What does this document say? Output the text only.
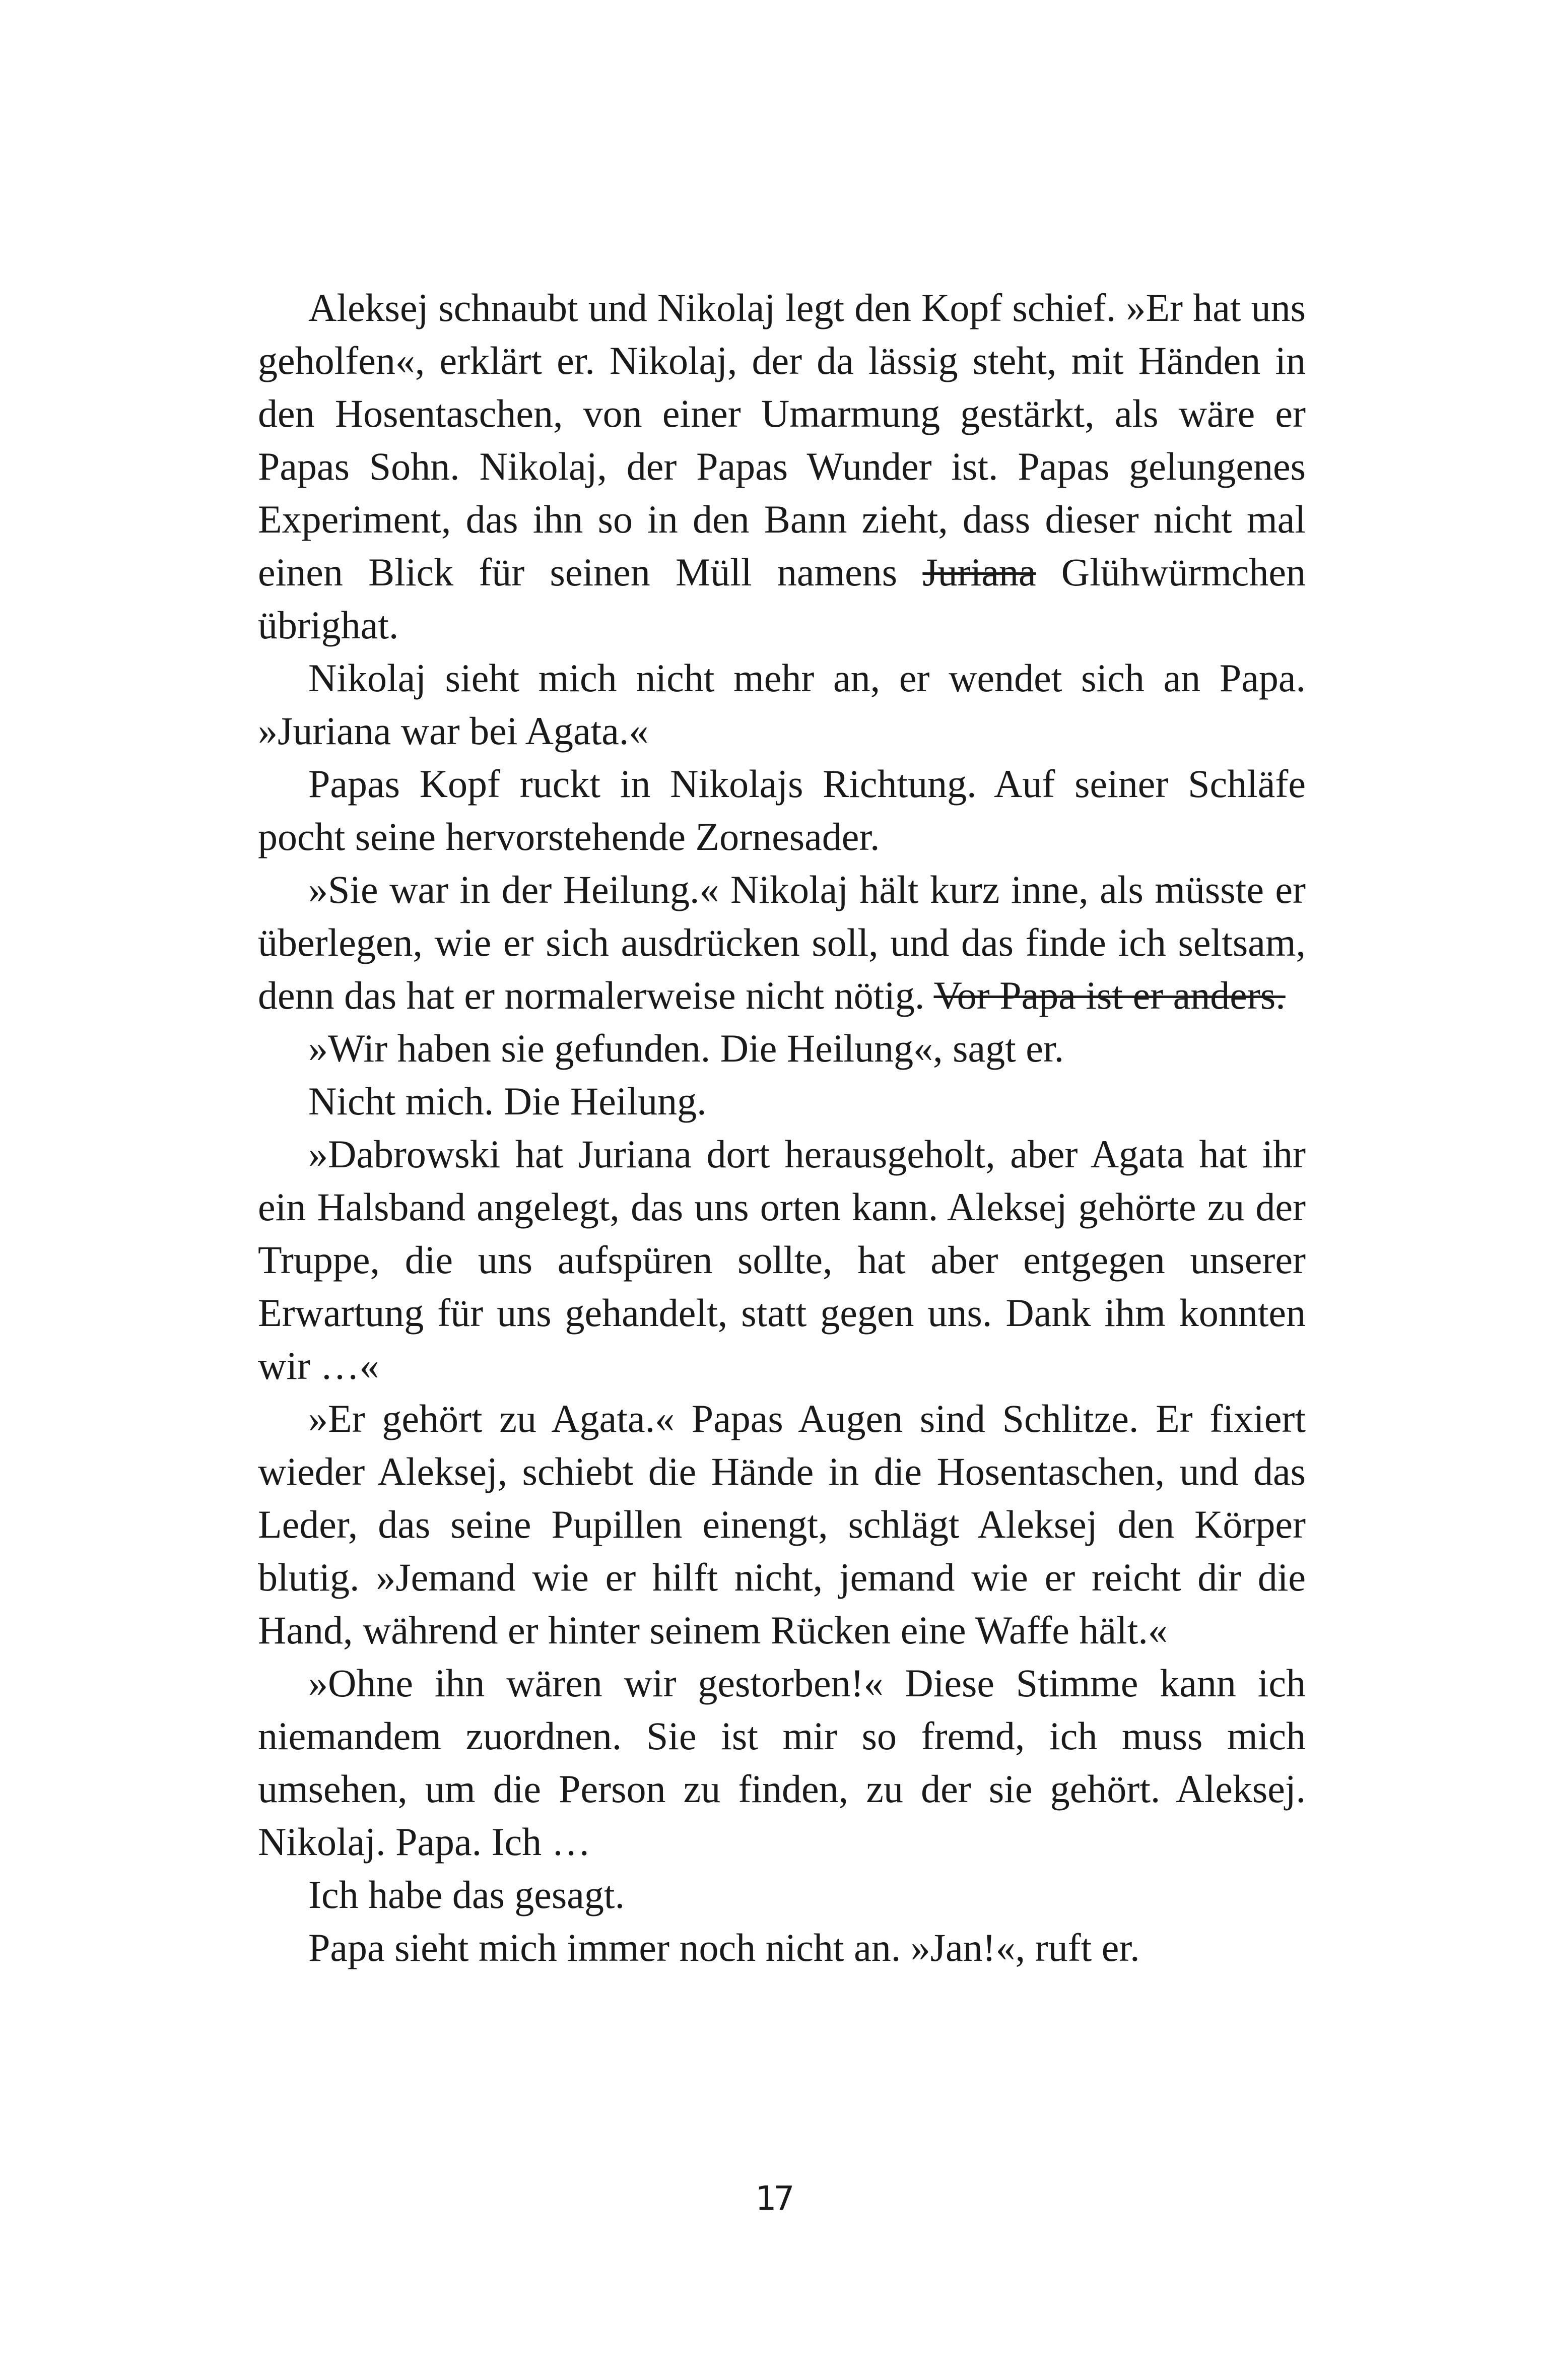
Aleksej schnaubt und Nikolaj legt den Kopf schief. »Er hat uns geholfen«, erklärt er. Nikolaj, der da lässig steht, mit Händen in den Hosentaschen, von einer Umarmung gestärkt, als wäre er Papas Sohn. Nikolaj, der Papas Wunder ist. Papas gelungenes Experiment, das ihn so in den Bann zieht, dass dieser nicht mal einen Blick für seinen Müll namens Juriana Glühwürmchen übrighat.

Nikolaj sieht mich nicht mehr an, er wendet sich an Papa. »Juriana war bei Agata.«

Papas Kopf ruckt in Nikolajs Richtung. Auf seiner Schläfe pocht seine hervorstehende Zornesader.

»Sie war in der Heilung.« Nikolaj hält kurz inne, als müsste er überlegen, wie er sich ausdrücken soll, und das finde ich seltsam, denn das hat er normalerweise nicht nötig. Vor Papa ist er anders.

»Wir haben sie gefunden. Die Heilung«, sagt er.

Nicht mich. Die Heilung.

»Dabrowski hat Juriana dort herausgeholt, aber Agata hat ihr ein Halsband angelegt, das uns orten kann. Aleksej gehörte zu der Truppe, die uns aufspüren sollte, hat aber entgegen unserer Erwartung für uns gehandelt, statt gegen uns. Dank ihm konnten wir …«

»Er gehört zu Agata.« Papas Augen sind Schlitze. Er fixiert wieder Aleksej, schiebt die Hände in die Hosentaschen, und das Leder, das seine Pupillen einengt, schlägt Aleksej den Körper blutig. »Jemand wie er hilft nicht, jemand wie er reicht dir die Hand, während er hinter seinem Rücken eine Waffe hält.«

»Ohne ihn wären wir gestorben!« Diese Stimme kann ich niemandem zuordnen. Sie ist mir so fremd, ich muss mich umsehen, um die Person zu finden, zu der sie gehört. Aleksej. Nikolaj. Papa. Ich …

Ich habe das gesagt.

Papa sieht mich immer noch nicht an. »Jan!«, ruft er.

17
